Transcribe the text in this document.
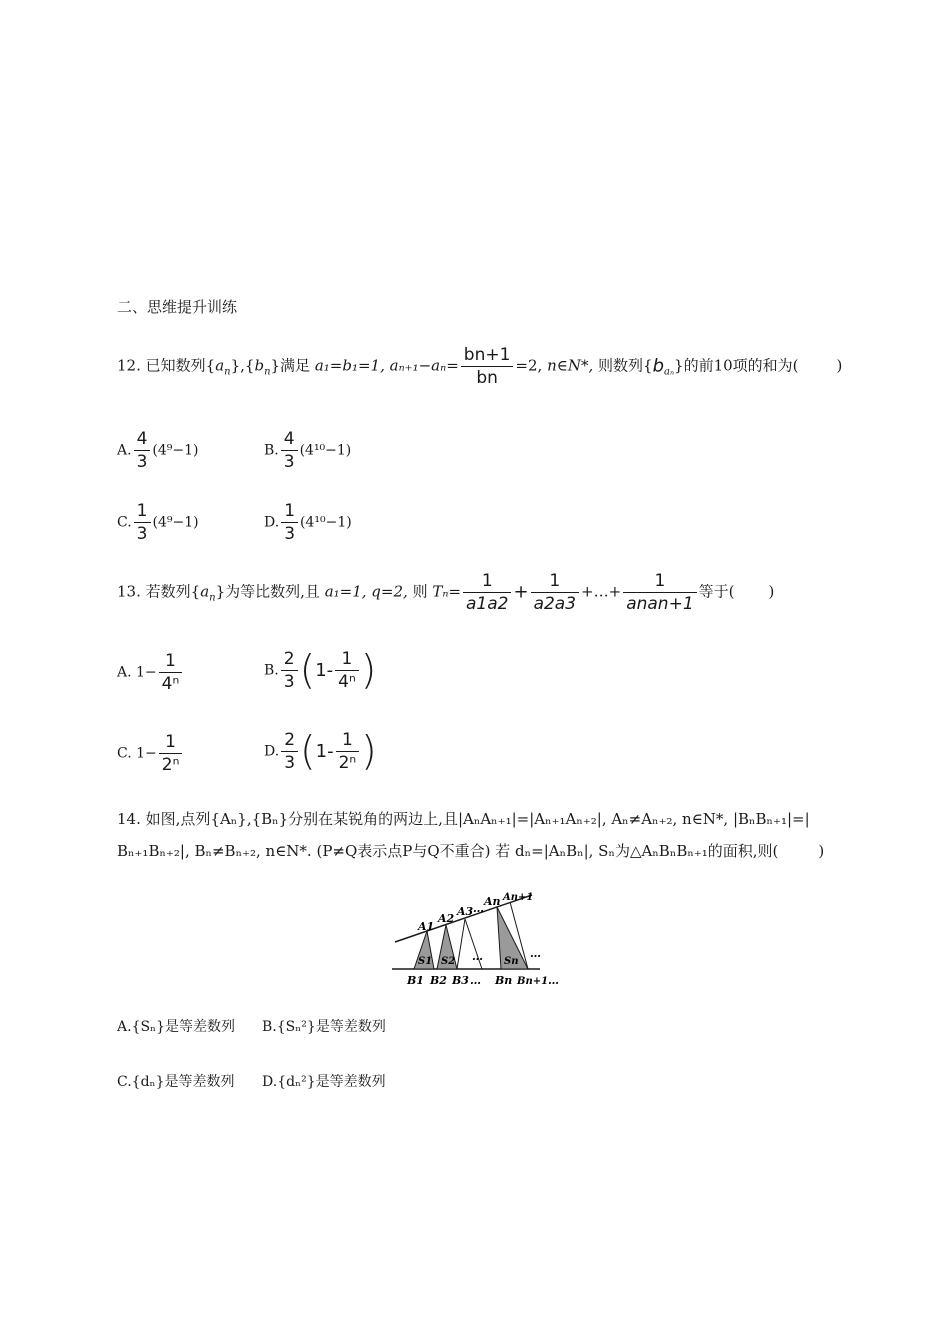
二、思维提升训练
12. 已知数列$\{a_n\},\{b_n\}$满足 a₁=b₁=1, $a_{n+1}-a_n= \frac{bn+1}{bn} =2$, n∈N*, 则数列$\{b_{a_n}\}$的前10项的和为(	)
A. $\frac{4}{3} (4^9-1)$	B. $\frac{4}{3} (4^{10}-1)$
C. $\frac{1}{3} (4^9-1)$	D. $\frac{1}{3} (4^{10}-1)$
13. 若数列$\{a_n\}$为等比数列,且 a₁=1, q=2, 则 $T_n= \frac{1}{a1a2} + \frac{1}{a2a3}$ +…+ $\frac{1}{\text{anan+1}}$ 等于( )
A. $1- \frac{1}{\text{4ⁿ}}$	B. $\frac{2}{3} (1- \frac{1}{\text{4ⁿ}}$ )
C. $1- \frac{1}{\text{2ⁿ}}$	D. $\frac{2}{3} (1- \frac{1}{\text{2ⁿ}}$ )
14. 如图,点列{Aₙ},{Bₙ}分别在某锐角的两边上,且|AₙAₙ₊₁|=|Aₙ₊₁Aₙ₊₂|, Aₙ≠Aₙ₊₂, n∈N*, |BₙBₙ₊₁|=|
Bₙ₊₁Bₙ₊₂|, Bₙ≠Bₙ₊₂, n∈N*. (P≠Q表示点P与Q不重合) 若 dₙ=|AₙBₙ|, Sₙ为△AₙBₙBₙ₊₁的面积,则(	)
A1
A2
A3 …
An An+1
S1 S2	Sn
…	…
B1 B2 B3 … Bn Bn+1 …
A.{Sₙ}是等差数列 B.{Sₙ²}是等差数列
C.{dₙ}是等差数列 D.{dₙ²}是等差数列
